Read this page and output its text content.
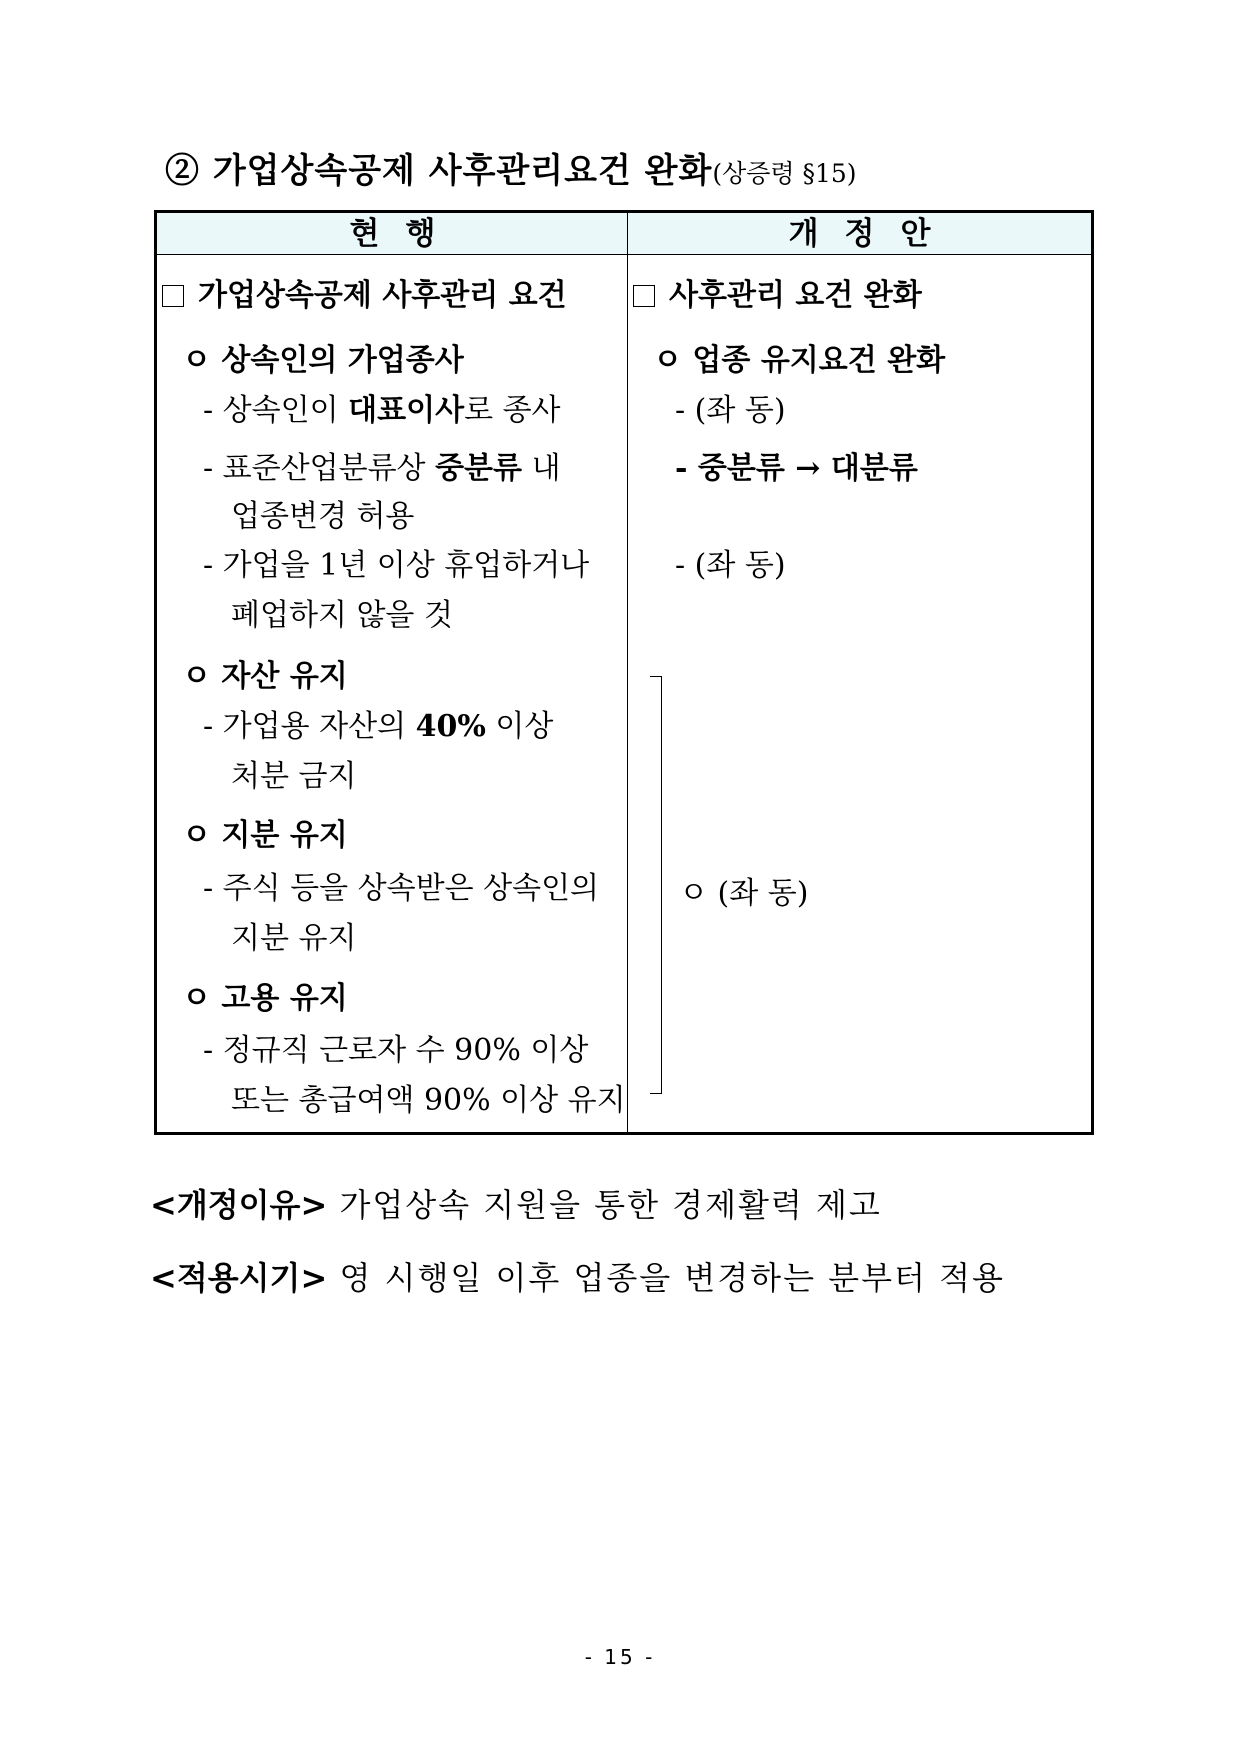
② 가업상속공제 사후관리요건 완화(상증령 §15)
현행	개정안
가업상속공제 사후관리 요건
ㅇ 상속인의 가업종사
- 상속인이 대표이사로 종사
- 표준산업분류상 중분류 내
업종변경 허용
- 가업을 1년 이상 휴업하거나
폐업하지 않을 것
ㅇ 자산 유지
- 가업용 자산의 40% 이상
처분 금지
ㅇ 지분 유지
- 주식 등을 상속받은 상속인의
지분 유지
ㅇ 고용 유지
- 정규직 근로자 수 90% 이상
또는 총급여액 90% 이상 유지
사후관리 요건 완화
ㅇ 업종 유지요건 완화
- (좌 동)
- 중분류 → 대분류
- (좌 동)
ㅇ (좌 동)
<개정이유> 가업상속 지원을 통한 경제활력 제고
<적용시기> 영 시행일 이후 업종을 변경하는 분부터 적용
- 15 -
